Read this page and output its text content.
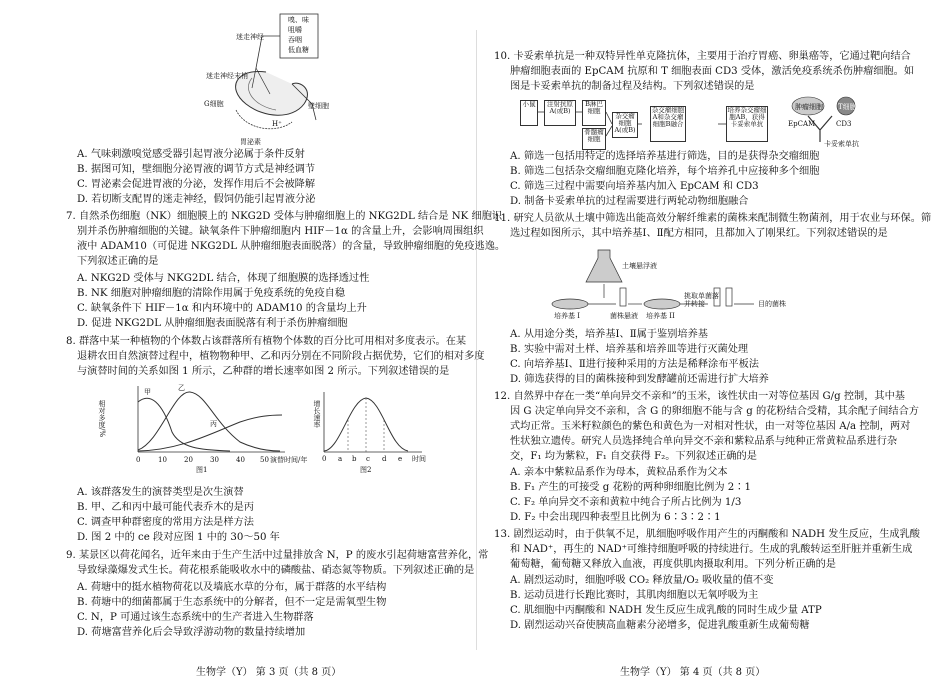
嗅、味
咀嚼
吞咽
低血糖
迷走神经
迷走神经末梢
G细胞	壁细胞
胃泌素
H⁺
A. 气味刺激嗅觉感受器引起胃液分泌属于条件反射
B. 据图可知，壁细胞分泌胃液的调节方式是神经调节
C. 胃泌素会促进胃液的分泌，发挥作用后不会被降解
D. 若切断支配胃的迷走神经，假饲仍能引起胃液分泌
7. 自然杀伤细胞（NK）细胞膜上的 NKG2D 受体与肿瘤细胞上的 NKG2DL 结合是 NK 细胞识
别并杀伤肿瘤细胞的关键。缺氧条件下肿瘤细胞内 HIF－1α 的含量上升，会影响周围组织
液中 ADAM10（可促进 NKG2DL 从肿瘤细胞表面脱落）的含量，导致肿瘤细胞的免疫逃逸。
下列叙述正确的是
A. NKG2D 受体与 NKG2DL 结合，体现了细胞膜的选择透过性
B. NK 细胞对肿瘤细胞的清除作用属于免疫系统的免疫自稳
C. 缺氧条件下 HIF－1α 和内环境中的 ADAM10 的含量均上升
D. 促进 NKG2DL 从肿瘤细胞表面脱落有利于杀伤肿瘤细胞
8. 群落中某一种植物的个体数占该群落所有植物个体数的百分比可用相对多度表示。在某
退耕农田自然演替过程中，植物物种甲、乙和丙分别在不同阶段占据优势，它们的相对多度
与演替时间的关系如图 1 所示，乙种群的增长速率如图 2 所示。下列叙述错误的是
相对多度/%
甲	乙
丙
0	10 20 30 40 50 演替时间/年
图1
增长速率
0 a b c d e 时间
图2
A. 该群落发生的演替类型是次生演替
B. 甲、乙和丙中最可能代表乔木的是丙
C. 调查甲种群密度的常用方法是样方法
D. 图 2 中的 ce 段对应图 1 中的 30～50 年
9. 某景区以荷花闻名，近年来由于生产生活中过量排放含 N，P 的废水引起荷塘富营养化，常
导致绿藻爆发式生长。荷花根系能吸收水中的磷酸盐、硝态氮等物质。下列叙述正确的是
A. 荷塘中的挺水植物荷花以及墙底水草的分布，属于群落的水平结构
B. 荷塘中的细菌都属于生态系统中的分解者，但不一定是需氧型生物
C. N，P 可通过该生态系统中的生产者进入生物群落
D. 荷塘富营养化后会导致浮游动物的数量持续增加
生物学（Y） 第 3 页（共 8 页）
10. 卡妥索单抗是一种双特异性单克隆抗体，主要用于治疗胃癌、卵巢癌等，它通过靶向结合
肿瘤细胞表面的 EpCAM 抗原和 T 细胞表面 CD3 受体，激活免疫系统杀伤肿瘤细胞。如
图是卡妥索单抗的制备过程及结构。下列叙述错误的是
小鼠	注射抗原A(或B)
B淋巴细胞
骨髓瘤细胞
杂交瘤细胞A(或B)
杂交瘤细胞A和杂交瘤细胞B融合
培养杂交瘤细胞AB，获得卡妥索单抗
肿瘤细胞 T细胞
EpCAM	CD3
卡妥索单抗
A. 筛选一包括用特定的选择培养基进行筛选，目的是获得杂交瘤细胞
B. 筛选二包括杂交瘤细胞克隆化培养，每个培养孔中应接种多个细胞
C. 筛选三过程中需要向培养基内加入 EpCAM 和 CD3
D. 制备卡妥索单抗的过程需要进行两轮动物细胞融合
11. 研究人员欲从土壤中筛选出能高效分解纤维素的菌株来配制微生物菌剂，用于农业与环保。筛
选过程如图所示，其中培养基Ⅰ、Ⅱ配方相同，且都加入了刚果红。下列叙述错误的是
土壤悬浮液
培养基 I	菌株悬液 培养基 II
挑取单菌落并转接	目的菌株
A. 从用途分类，培养基Ⅰ、Ⅱ属于鉴别培养基
B. 实验中需对土样、培养基和培养皿等进行灭菌处理
C. 向培养基Ⅰ、Ⅱ进行接种采用的方法是稀释涂布平板法
D. 筛选获得的目的菌株接种到发酵罐前还需进行扩大培养
12. 自然界中存在一类“单向异交不亲和”的玉米，该性状由一对等位基因 G/g 控制，其中基
因 G 决定单向异交不亲和，含 G 的卵细胞不能与含 g 的花粉结合受精，其余配子间结合方
式均正常。玉米籽粒颜色的紫色和黄色为一对相对性状，由一对等位基因 A/a 控制，两对
性状独立遗传。研究人员选择纯合单向异交不亲和紫粒品系与纯种正常黄粒品系进行杂
交，F₁ 均为紫粒，F₁ 自交获得 F₂。下列叙述正确的是
A. 亲本中紫粒品系作为母本，黄粒品系作为父本
B. F₁ 产生的可接受 g 花粉的两种卵细胞比例为 2∶1
C. F₂ 单向异交不亲和黄粒中纯合子所占比例为 1/3
D. F₂ 中会出现四种表型且比例为 6∶3∶2∶1
13. 剧烈运动时，由于供氧不足，肌细胞呼吸作用产生的丙酮酸和 NADH 发生反应，生成乳酸
和 NAD⁺，再生的 NAD⁺可维持细胞呼吸的持续进行。生成的乳酸转运至肝脏并重新生成
葡萄糖，葡萄糖又释放入血液，再度供肌肉摄取利用。下列分析正确的是
A. 剧烈运动时，细胞呼吸 CO₂ 释放量/O₂ 吸收量的值不变
B. 运动员进行长跑比赛时，其肌肉细胞以无氧呼吸为主
C. 肌细胞中丙酮酸和 NADH 发生反应生成乳酸的同时生成少量 ATP
D. 剧烈运动兴奋使胰高血糖素分泌增多，促进乳酸重新生成葡萄糖
生物学（Y） 第 4 页（共 8 页）
